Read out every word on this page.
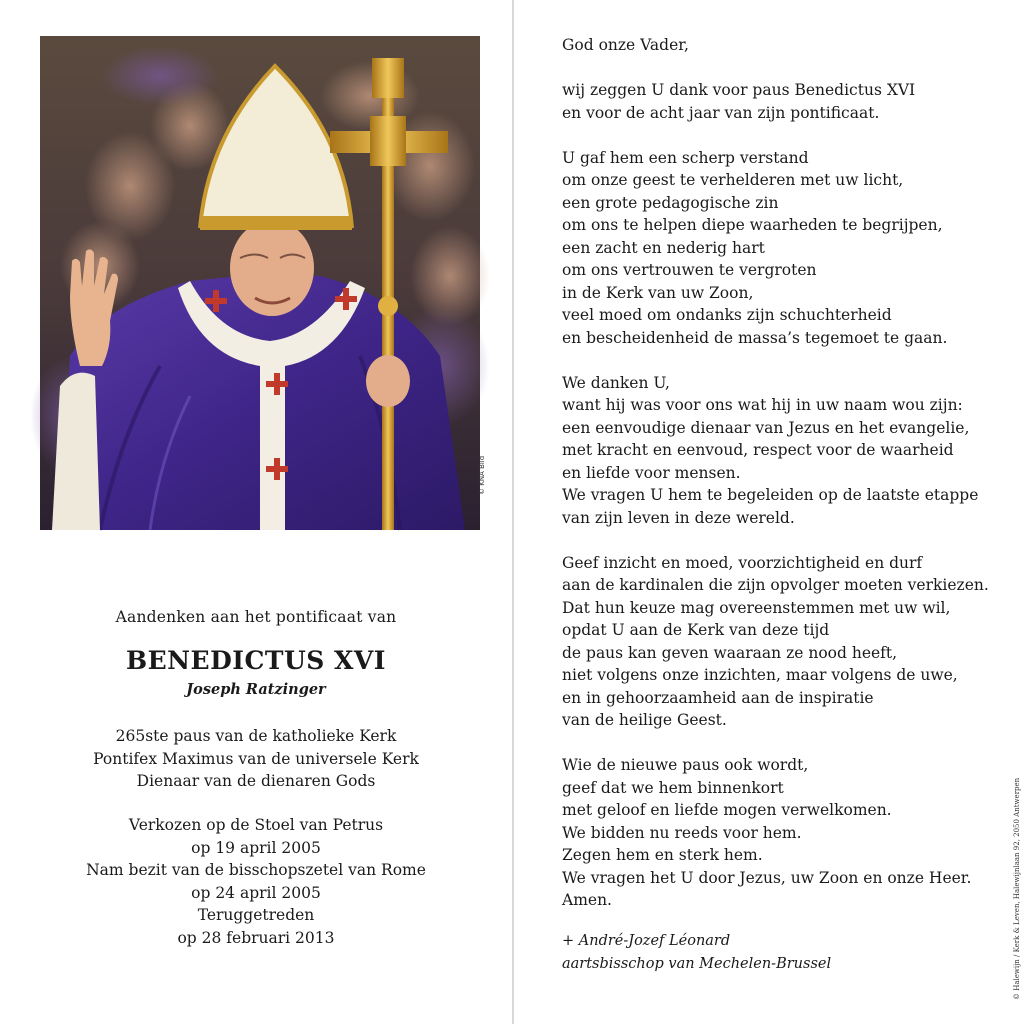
© KNA Bild
Aandenken aan het pontificaat van
BENEDICTUS XVI
Joseph Ratzinger
265ste paus van de katholieke Kerk
Pontifex Maximus van de universele Kerk
Dienaar van de dienaren Gods
Verkozen op de Stoel van Petrus
op 19 april 2005
Nam bezit van de bisschopszetel van Rome
op 24 april 2005
Teruggetreden
op 28 februari 2013
God onze Vader,
wij zeggen U dank voor paus Benedictus XVI
en voor de acht jaar van zijn pontificaat.
U gaf hem een scherp verstand
om onze geest te verhelderen met uw licht,
een grote pedagogische zin
om ons te helpen diepe waarheden te begrijpen,
een zacht en nederig hart
om ons vertrouwen te vergroten
in de Kerk van uw Zoon,
veel moed om ondanks zijn schuchterheid
en bescheidenheid de massa’s tegemoet te gaan.
We danken U,
want hij was voor ons wat hij in uw naam wou zijn:
een eenvoudige dienaar van Jezus en het evangelie,
met kracht en eenvoud, respect voor de waarheid
en liefde voor mensen.
We vragen U hem te begeleiden op de laatste etappe
van zijn leven in deze wereld.
Geef inzicht en moed, voorzichtigheid en durf
aan de kardinalen die zijn opvolger moeten verkiezen.
Dat hun keuze mag overeenstemmen met uw wil,
opdat U aan de Kerk van deze tijd
de paus kan geven waaraan ze nood heeft,
niet volgens onze inzichten, maar volgens de uwe,
en in gehoorzaamheid aan de inspiratie
van de heilige Geest.
Wie de nieuwe paus ook wordt,
geef dat we hem binnenkort
met geloof en liefde mogen verwelkomen.
We bidden nu reeds voor hem.
Zegen hem en sterk hem.
We vragen het U door Jezus, uw Zoon en onze Heer.
Amen.
+ André-Jozef Léonard
aartsbisschop van Mechelen-Brussel	© Halewijn / Kerk & Leven, Halewijnlaan 92, 2050 Antwerpen
